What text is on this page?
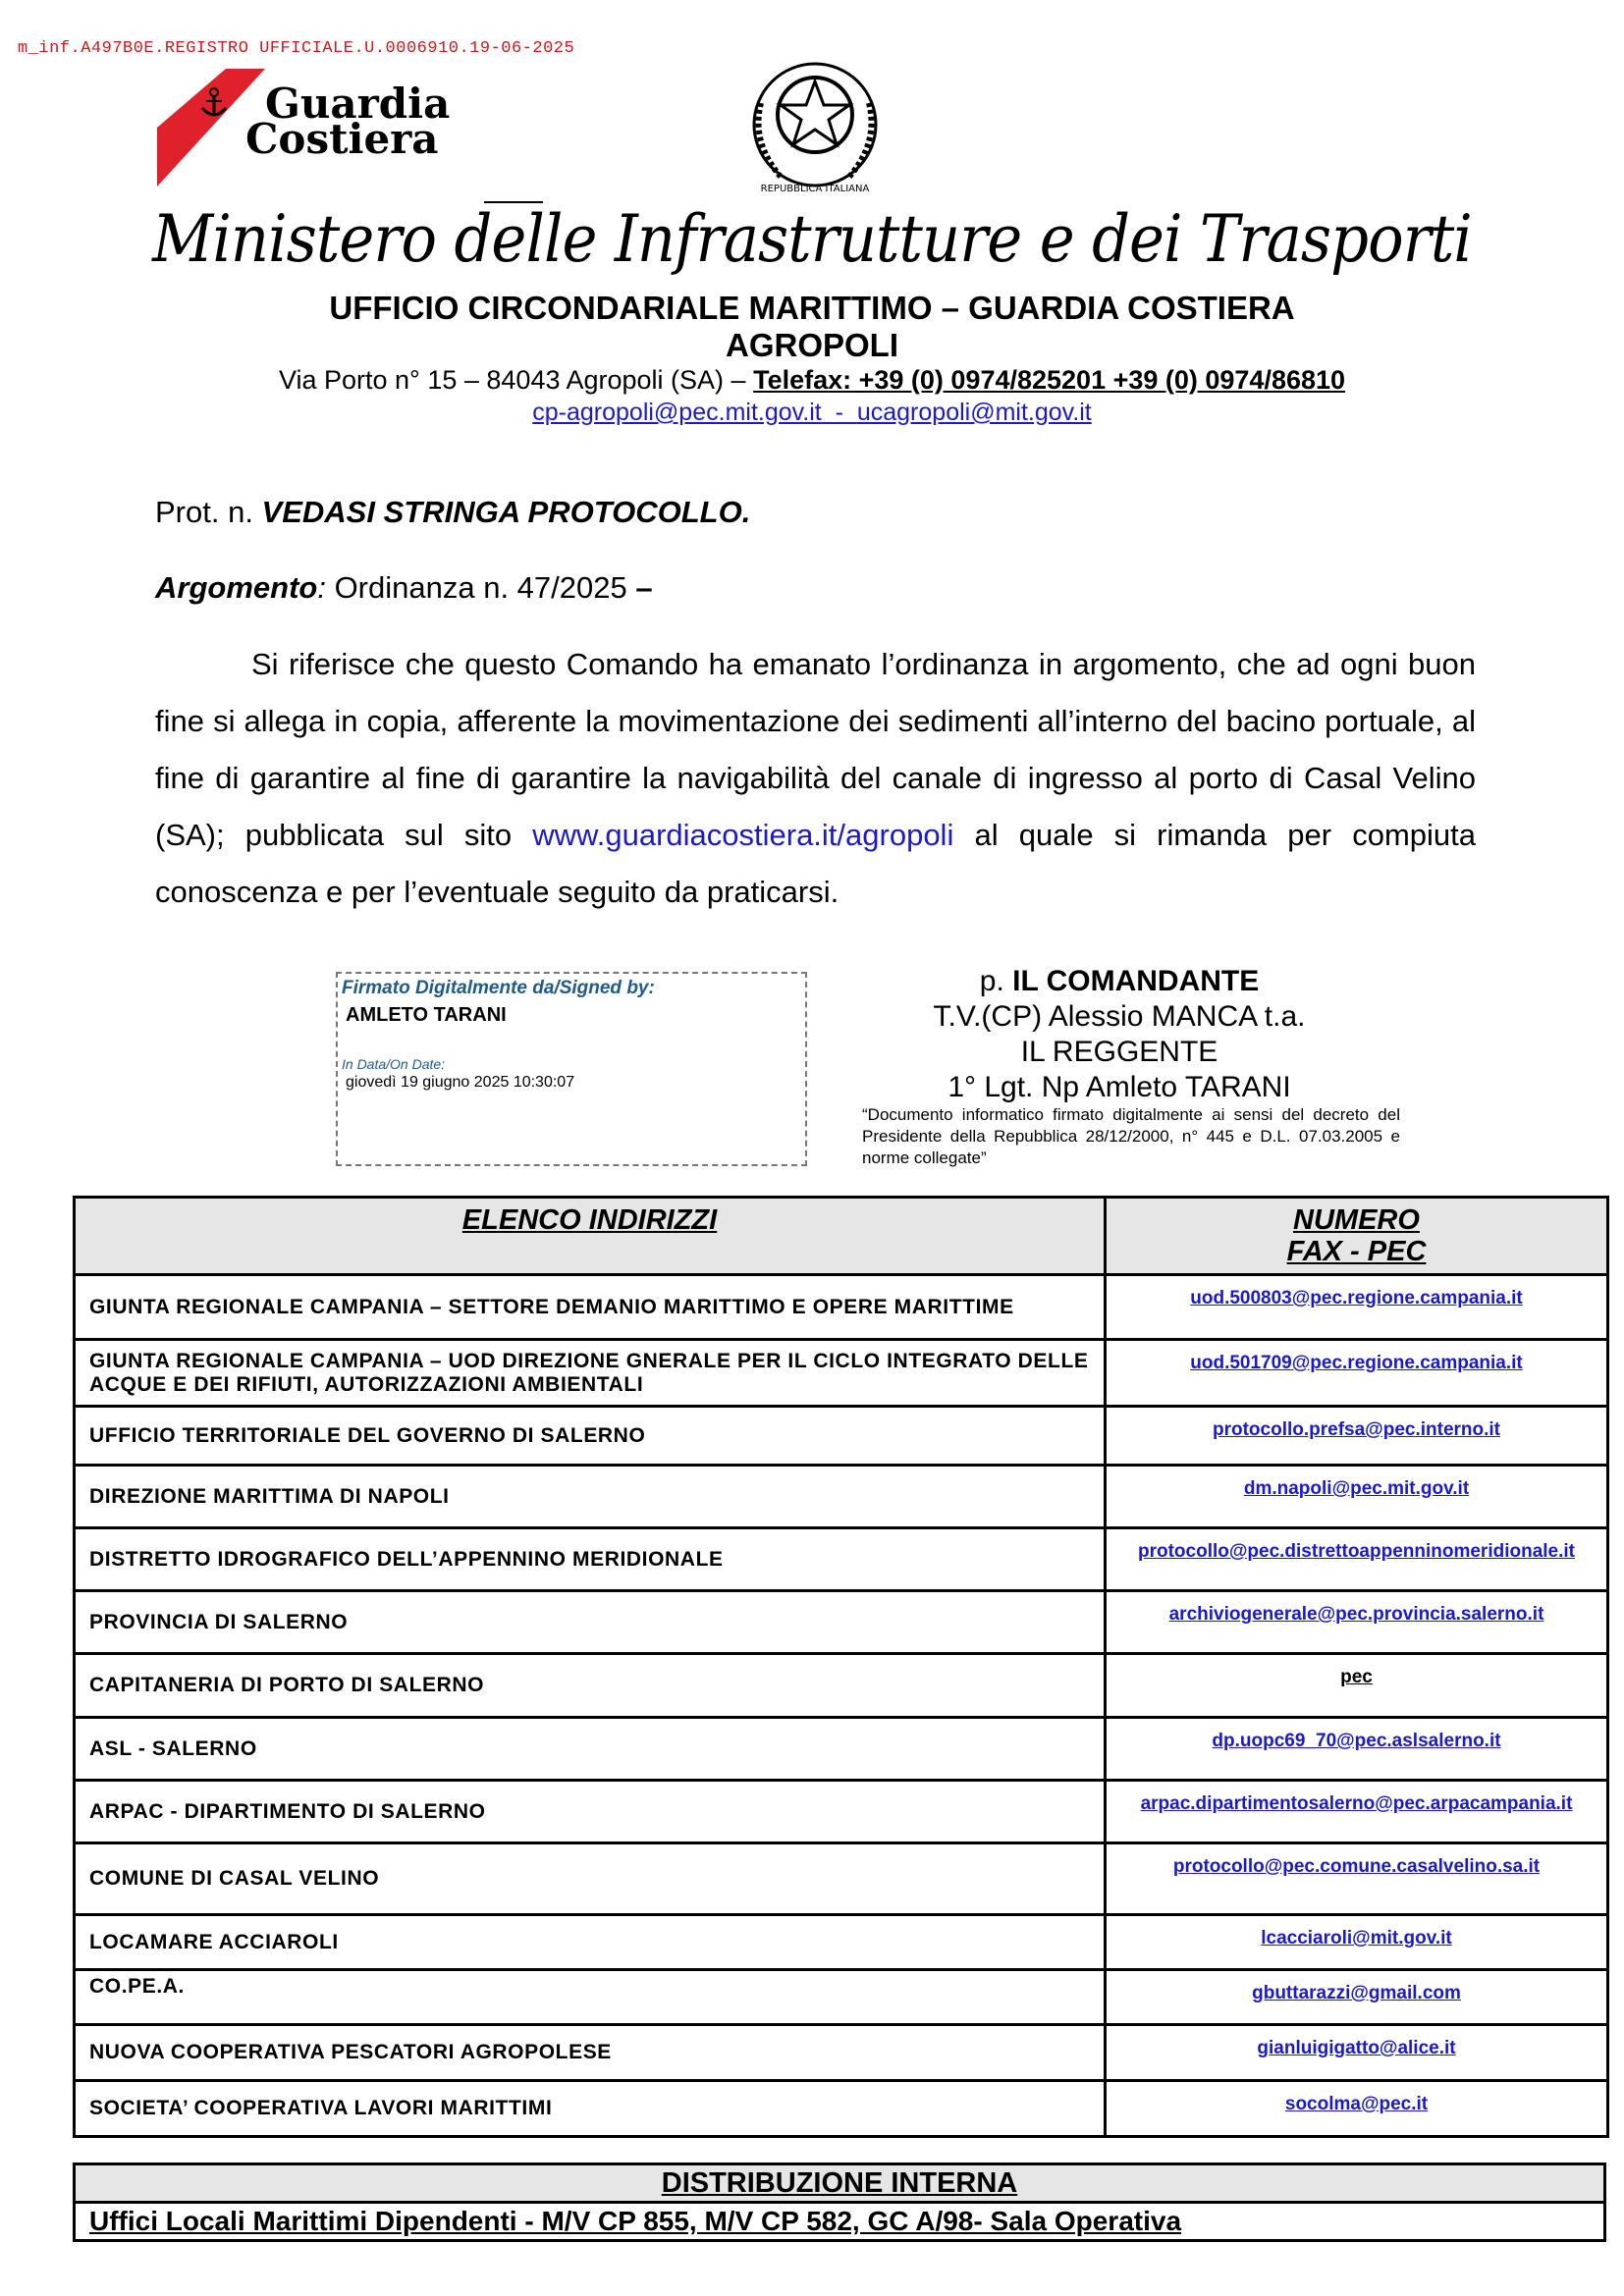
m_inf.A497B0E.REGISTRO UFFICIALE.U.0006910.19-06-2025
Guardia
Costiera
REPUBBLICA ITALIANA
Ministero delle Infrastrutture e dei Trasporti
UFFICIO CIRCONDARIALE MARITTIMO – GUARDIA COSTIERA
AGROPOLI
Via Porto n° 15 – 84043 Agropoli (SA) – Telefax: +39 (0) 0974/825201 +39 (0) 0974/86810
cp-agropoli@pec.mit.gov.it  -  ucagropoli@mit.gov.it
Prot. n. VEDASI STRINGA PROTOCOLLO.
Argomento: Ordinanza n. 47/2025 –
Si riferisce che questo Comando ha emanato l’ordinanza in argomento, che ad ogni buon fine si allega in copia, afferente la movimentazione dei sedimenti all’interno del bacino portuale, al fine di garantire al fine di garantire la navigabilità del canale di ingresso al porto di Casal Velino (SA); pubblicata sul sito www.guardiacostiera.it/agropoli al quale si rimanda per compiuta conoscenza e per l’eventuale seguito da praticarsi.
Firmato Digitalmente da/Signed by:
AMLETO TARANI
In Data/On Date:
giovedì 19 giugno 2025 10:30:07
p. IL COMANDANTE
T.V.(CP) Alessio MANCA t.a.
IL REGGENTE
1° Lgt. Np Amleto TARANI
“Documento informatico firmato digitalmente ai sensi del decreto del Presidente della Repubblica 28/12/2000, n° 445 e D.L. 07.03.2005 e norme collegate”
ELENCO INDIRIZZI	NUMERO
FAX - PEC

GIUNTA REGIONALE CAMPANIA – SETTORE DEMANIO MARITTIMO E OPERE MARITTIME	uod.500803@pec.regione.campania.it
GIUNTA REGIONALE CAMPANIA – UOD DIREZIONE GNERALE PER IL CICLO INTEGRATO DELLE ACQUE E DEI RIFIUTI, AUTORIZZAZIONI AMBIENTALI	uod.501709@pec.regione.campania.it
UFFICIO TERRITORIALE DEL GOVERNO DI SALERNO	protocollo.prefsa@pec.interno.it
DIREZIONE MARITTIMA DI NAPOLI	dm.napoli@pec.mit.gov.it
DISTRETTO IDROGRAFICO DELL’APPENNINO MERIDIONALE	protocollo@pec.distrettoappenninomeridionale.it
PROVINCIA DI SALERNO	archiviogenerale@pec.provincia.salerno.it
CAPITANERIA DI PORTO DI SALERNO	pec
ASL - SALERNO	dp.uopc69_70@pec.aslsalerno.it
ARPAC - DIPARTIMENTO DI SALERNO	arpac.dipartimentosalerno@pec.arpacampania.it
COMUNE DI CASAL VELINO	protocollo@pec.comune.casalvelino.sa.it
LOCAMARE ACCIAROLI	lcacciaroli@mit.gov.it
CO.PE.A.	gbuttarazzi@gmail.com
NUOVA COOPERATIVA PESCATORI AGROPOLESE	gianluigigatto@alice.it
SOCIETA’ COOPERATIVA LAVORI MARITTIMI	socolma@pec.it
DISTRIBUZIONE INTERNA
Uffici Locali Marittimi Dipendenti - M/V CP 855, M/V CP 582, GC A/98- Sala Operativa
